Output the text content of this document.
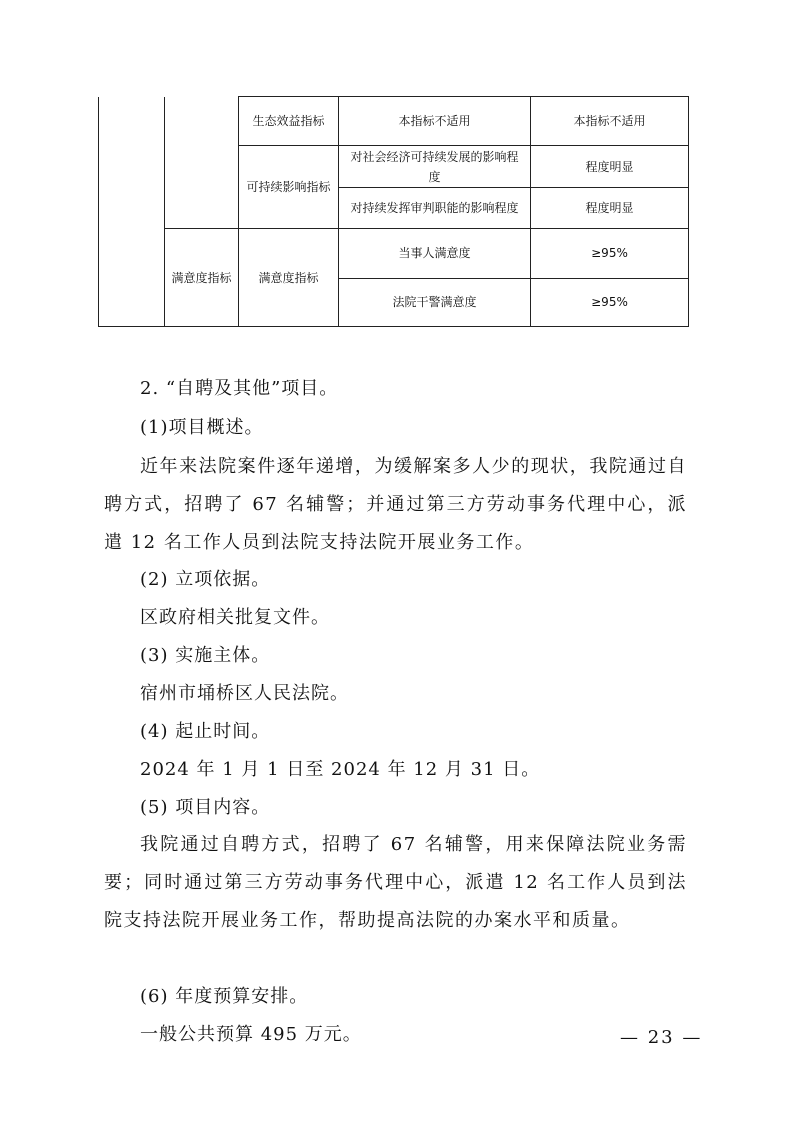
		生态效益指标	本指标不适用	本指标不适用
		可持续影响指标	对社会经济可持续发展的影响程度	程度明显
			对持续发挥审判职能的影响程度	程度明显
	满意度指标	满意度指标	当事人满意度	≥95%
			法院干警满意度	≥95%
2. “自聘及其他”项目。
(1)项目概述。

近年来法院案件逐年递增，为缓解案多人少的现状，我院通过自聘方式，招聘了 67 名辅警；并通过第三方劳动事务代理中心，派遣 12 名工作人员到法院支持法院开展业务工作。

(2) 立项依据。
区政府相关批复文件。
(3) 实施主体。
宿州市埇桥区人民法院。
(4) 起止时间。
2024 年 1 月 1 日至 2024 年 12 月 31 日。
(5) 项目内容。

我院通过自聘方式，招聘了 67 名辅警，用来保障法院业务需要；同时通过第三方劳动事务代理中心，派遣 12 名工作人员到法院支持法院开展业务工作，帮助提高法院的办案水平和质量。

(6) 年度预算安排。
一般公共预算 495 万元。	— 23 —
